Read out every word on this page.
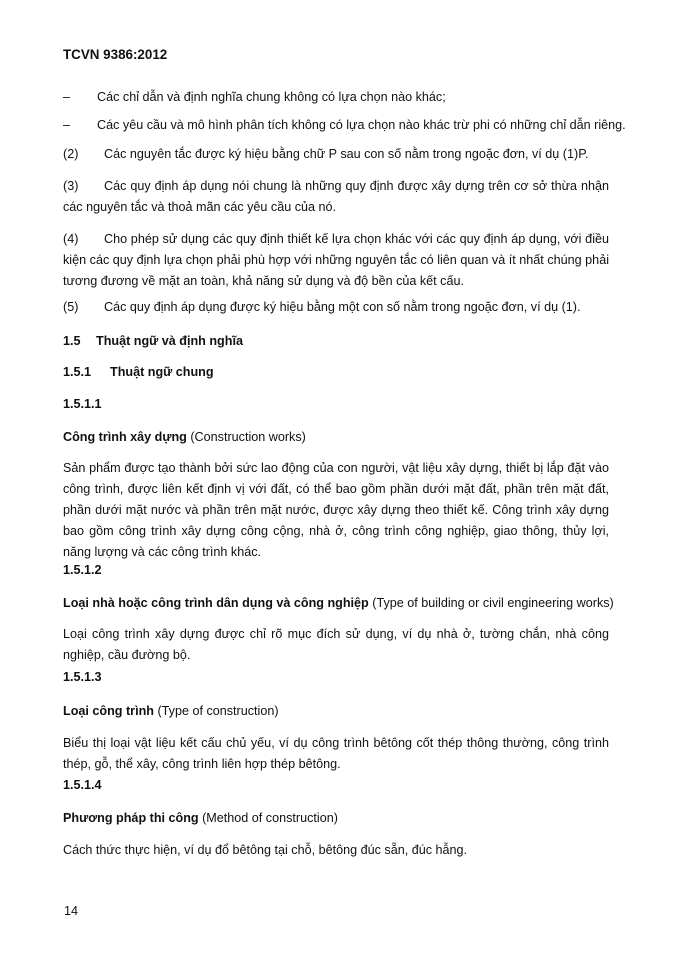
TCVN 9386:2012
– Các chỉ dẫn và định nghĩa chung không có lựa chọn nào khác;
– Các yêu cầu và mô hình phân tích không có lựa chọn nào khác trừ phi có những chỉ dẫn riêng.
(2) Các nguyên tắc được ký hiệu bằng chữ P sau con số nằm trong ngoặc đơn, ví dụ (1)P.
(3) Các quy định áp dụng nói chung là những quy định được xây dựng trên cơ sở thừa nhận các nguyên tắc và thoả mãn các yêu cầu của nó.
(4) Cho phép sử dụng các quy định thiết kế lựa chọn khác với các quy định áp dụng, với điều kiện các quy định lựa chọn phải phù hợp với những nguyên tắc có liên quan và ít nhất chúng phải tương đương về mặt an toàn, khả năng sử dụng và độ bền của kết cấu.
(5) Các quy định áp dụng được ký hiệu bằng một con số nằm trong ngoặc đơn, ví dụ (1).
1.5 Thuật ngữ và định nghĩa
1.5.1 Thuật ngữ chung
1.5.1.1
Công trình xây dựng (Construction works)
Sản phẩm được tạo thành bởi sức lao động của con người, vật liệu xây dựng, thiết bị lắp đặt vào công trình, được liên kết định vị với đất, có thể bao gồm phần dưới mặt đất, phần trên mặt đất, phần dưới mặt nước và phần trên mặt nước, được xây dựng theo thiết kế. Công trình xây dựng bao gồm công trình xây dựng công cộng, nhà ở, công trình công nghiệp, giao thông, thủy lợi, năng lượng và các công trình khác.
1.5.1.2
Loại nhà hoặc công trình dân dụng và công nghiệp (Type of building or civil engineering works)
Loại công trình xây dựng được chỉ rõ mục đích sử dụng, ví dụ nhà ở, tường chắn, nhà công nghiệp, cầu đường bộ.
1.5.1.3
Loại công trình (Type of construction)
Biểu thị loại vật liệu kết cấu chủ yếu, ví dụ công trình bêtông cốt thép thông thường, công trình thép, gỗ, thể xây, công trình liên hợp thép bêtông.
1.5.1.4
Phương pháp thi công (Method of construction)
Cách thức thực hiện, ví dụ đổ bêtông tại chỗ, bêtông đúc sẵn, đúc hẫng.
14
